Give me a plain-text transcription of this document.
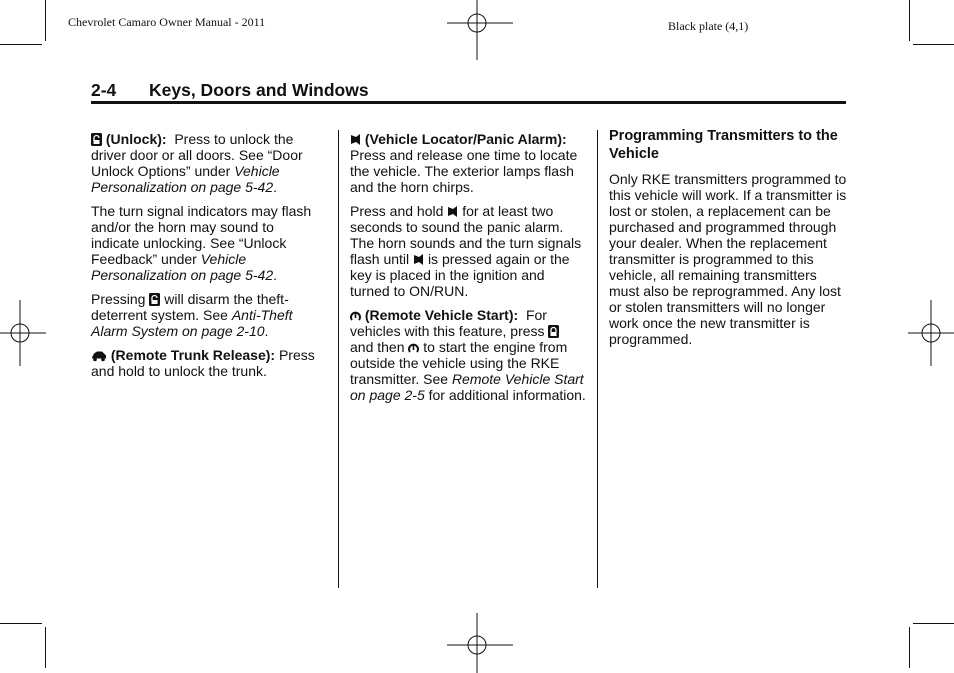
Chevrolet Camaro Owner Manual - 2011	Black plate (4,1)
2-4 Keys, Doors and Windows

(Unlock): Press to unlock the driver door or all doors. See “Door Unlock Options” under Vehicle Personalization on page 5-42.

The turn signal indicators may flash and/or the horn may sound to indicate unlocking. See “Unlock Feedback” under Vehicle Personalization on page 5-42.

Pressing will disarm the theft-deterrent system. See Anti-Theft Alarm System on page 2-10.

(Remote Trunk Release): Press and hold to unlock the trunk.

(Vehicle Locator/Panic Alarm):  Press and release one time to locate the vehicle. The exterior lamps flash and the horn chirps.

Press and hold for at least two seconds to sound the panic alarm. The horn sounds and the turn signals flash until is pressed again or the key is placed in the ignition and turned to ON/RUN.

(Remote Vehicle Start): For vehicles with this feature, press
and then to start the engine from outside the vehicle using the RKE transmitter. See Remote Vehicle Start on page 2-5 for additional information.

Programming Transmitters to the Vehicle

Only RKE transmitters programmed to this vehicle will work. If a transmitter is lost or stolen, a replacement can be purchased and programmed through your dealer. When the replacement transmitter is programmed to this vehicle, all remaining transmitters must also be reprogrammed. Any lost or stolen transmitters will no longer work once the new transmitter is programmed.
